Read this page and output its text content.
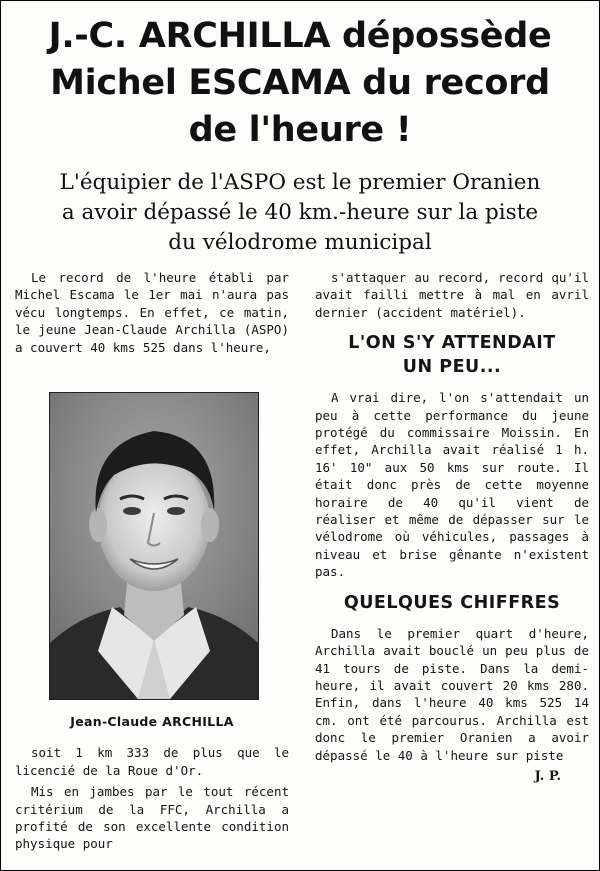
J.-C. ARCHILLA dépossède
Michel ESCAMA du record
de l'heure !
L'équipier de l'ASPO est le premier Oranien
a avoir dépassé le 40 km.-heure sur la piste
du vélodrome municipal

Le record de l'heure établi par Michel Escama le 1er mai n'aura pas vécu longtemps. En effet, ce matin, le jeune Jean-Claude Archilla (ASPO) a couvert 40 kms 525 dans l'heure,

Jean-Claude ARCHILLA

soit 1 km 333 de plus que le licencié de la Roue d'Or.

Mis en jambes par le tout récent critérium de la FFC, Archilla a profité de son excellente condition physique pour

s'attaquer au record, record qu'il avait failli mettre à mal en avril dernier (accident matériel).

L'ON S'Y ATTENDAIT
UN PEU...

A vrai dire, l'on s'attendait un peu à cette performance du jeune protégé du commissaire Moissin. En effet, Archilla avait réalisé 1 h. 16' 10" aux 50 kms sur route. Il était donc près de cette moyenne horaire de 40 qu'il vient de réaliser et même de dépasser sur le vélodrome où véhicules, passages à niveau et brise gênante n'existent pas.

QUELQUES CHIFFRES

Dans le premier quart d'heure, Archilla avait bouclé un peu plus de 41 tours de piste. Dans la demi-heure, il avait couvert 20 kms 280. Enfin, dans l'heure 40 kms 525 14 cm. ont été parcourus. Archilla est donc le premier Oranien a avoir dépassé le 40 à l'heure sur piste

J. P.
